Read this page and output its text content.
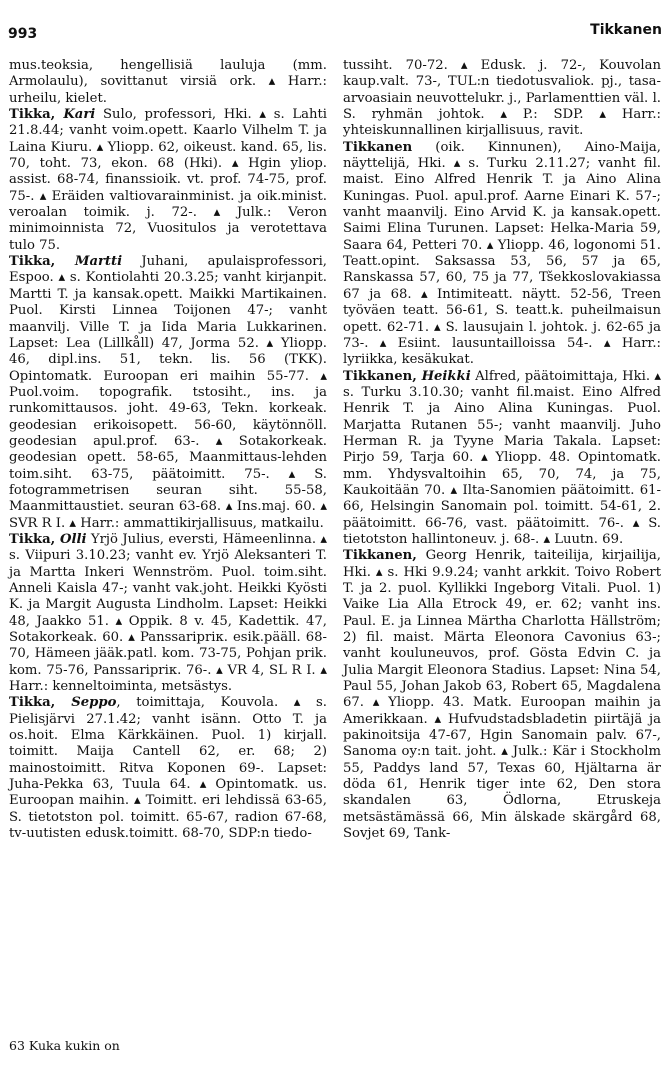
993	Tikkanen

mus.teoksia, hengellisiä lauluja (mm. Armolaulu), sovittanut virsiä ork. ▴ Harr.: urheilu, kielet.

Tikka, Kari Sulo, professori, Hki. ▴ s. Lahti 21.8.44; vanht voim.opett. Kaarlo Vilhelm T. ja Laina Kiuru. ▴ Yliopp. 62, oikeust. kand. 65, lis. 70, toht. 73, ekon. 68 (Hki). ▴ Hgin yliop. assist. 68-74, finanssioik. vt. prof. 74-75, prof. 75-. ▴ Eräiden valtiovarainminist. ja oik.minist. veroalan toimik. j. 72-. ▴ Julk.: Veron minimoinnista 72, Vuositulos ja verotettava tulo 75.

Tikka, Martti Juhani, apulaisprofessori, Espoo. ▴ s. Kontiolahti 20.3.25; vanht kirjanpit. Martti T. ja kansak.opett. Maikki Martikainen. Puol. Kirsti Linnea Toijonen 47-; vanht maanvilj. Ville T. ja Iida Maria Lukkarinen. Lapset: Lea (Lillkåll) 47, Jorma 52. ▴ Yliopp. 46, dipl.ins. 51, tekn. lis. 56 (TKK). Opintomatk. Euroopan eri maihin 55-77. ▴ Puol.voim. topografik. tstosiht., ins. ja runkomittausos. joht. 49-63, Tekn. korkeak. geodesian erikoisopett. 56-60, käytönnöll. geodesian apul.prof. 63-. ▴ Sotakorkeak. geodesian opett. 58-65, Maanmittaus-lehden toim.siht. 63-75, päätoimitt. 75-. ▴ S. fotogrammetrisen seuran siht. 55-58, Maanmittaustiet. seuran 63-68. ▴ Ins.maj. 60. ▴ SVR R I. ▴ Harr.: ammattikirjallisuus, matkailu.

Tikka, Olli Yrjö Julius, eversti, Hämeenlinna. ▴ s. Viipuri 3.10.23; vanht ev. Yrjö Aleksanteri T. ja Martta Inkeri Wennström. Puol. toim.siht. Anneli Kaisla 47-; vanht vak.joht. Heikki Kyösti K. ja Margit Augusta Lindholm. Lapset: Heikki 48, Jaakko 51. ▴ Oppik. 8 v. 45, Kadettik. 47, Sotakorkeak. 60. ▴ Panssaripriк. esik.pääll. 68-70, Hämeen jääk.patl. kom. 73-75, Pohjan prik. kom. 75-76, Panssaripriк. 76-. ▴ VR 4, SL R I. ▴ Harr.: kenneltoiminta, metsästys.

Tikka, Seppo, toimittaja, Kouvola. ▴ s. Pielisjärvi 27.1.42; vanht isänn. Otto T. ja os.hoit. Elma Kärkkäinen. Puol. 1) kirjall. toimitt. Maija Cantell 62, er. 68; 2) mainostoimitt. Ritva Koponen 69-. Lapset: Juha-Pekka 63, Tuula 64. ▴ Opintomatk. us. Euroopan maihin. ▴ Toimitt. eri lehdissä 63-65, S. tietotston pol. toimitt. 65-67, radion 67-68, tv-uutisten edusk.toimitt. 68-70, SDP:n tiedo-

tussiht. 70-72. ▴ Edusk. j. 72-, Kouvolan kaup.valt. 73-, TUL:n tiedotusvaliok. pj., tasa-arvoasiain neuvottelukr. j., Parlamenttien väl. l. S. ryhmän johtok. ▴ P.: SDP. ▴ Harr.: yhteiskunnallinen kirjallisuus, ravit.

Tikkanen (oik. Kinnunen), Aino-Maija, näyttelijä, Hki. ▴ s. Turku 2.11.27; vanht fil. maist. Eino Alfred Henrik T. ja Aino Alina Kuningas. Puol. apul.prof. Aarne Einari K. 57-; vanht maanvilj. Eino Arvid K. ja kansak.opett. Saimi Elina Turunen. Lapset: Helka-Maria 59, Saara 64, Petteri 70. ▴ Yliopp. 46, logonomi 51. Teatt.opint. Saksassa 53, 56, 57 ja 65, Ranskassa 57, 60, 75 ja 77, Tšekkoslovakiassa 67 ja 68. ▴ Intimiteatt. näytt. 52-56, Treen työväen teatt. 56-61, S. teatt.k. puheilmaisun opett. 62-71. ▴ S. lausujain l. johtok. j. 62-65 ja 73-. ▴ Esiint. lausuntailloissa 54-. ▴ Harr.: lyriikka, kesäkukat.

Tikkanen, Heikki Alfred, päätoimittaja, Hki. ▴ s. Turku 3.10.30; vanht fil.maist. Eino Alfred Henrik T. ja Aino Alina Kuningas. Puol. Marjatta Rutanen 55-; vanht maanvilj. Juho Herman R. ja Tyyne Maria Takala. Lapset: Pirjo 59, Tarja 60. ▴ Yliopp. 48. Opintomatk. mm. Yhdysvaltoihin 65, 70, 74, ja 75, Kaukoitään 70. ▴ Ilta-Sanomien päätoimitt. 61-66, Helsingin Sanomain pol. toimitt. 54-61, 2. päätoimitt. 66-76, vast. päätoimitt. 76-. ▴ S. tietotston hallintoneuv. j. 68-. ▴ Luutn. 69.

Tikkanen, Georg Henrik, taiteilija, kirjailija, Hki. ▴ s. Hki 9.9.24; vanht arkkit. Toivo Robert T. ja 2. puol. Kyllikki Ingeborg Vitali. Puol. 1) Vaike Lia Alla Etrock 49, er. 62; vanht ins. Paul. E. ja Linnea Märtha Charlotta Hällström; 2) fil. maist. Märta Eleonora Cavonius 63-; vanht kouluneuvos, prof. Gösta Edvin C. ja Julia Margit Eleonora Stadius. Lapset: Nina 54, Paul 55, Johan Jakob 63, Robert 65, Magdalena 67. ▴ Yliopp. 43. Matk. Euroopan maihin ja Amerikkaan. ▴ Hufvudstadsbladetin piirtäjä ja pakinoitsija 47-67, Hgin Sanomain palv. 67-, Sanoma oy:n tait. joht. ▴ Julk.: Kär i Stockholm 55, Paddys land 57, Texas 60, Hjältarna är döda 61, Henrik tiger inte 62, Den stora skandalen 63, Ödlorna, Etruskeja metsästämässä 66, Min älskade skärgård 68, Sovjet 69, Tank-

63 Kuka kukin on
